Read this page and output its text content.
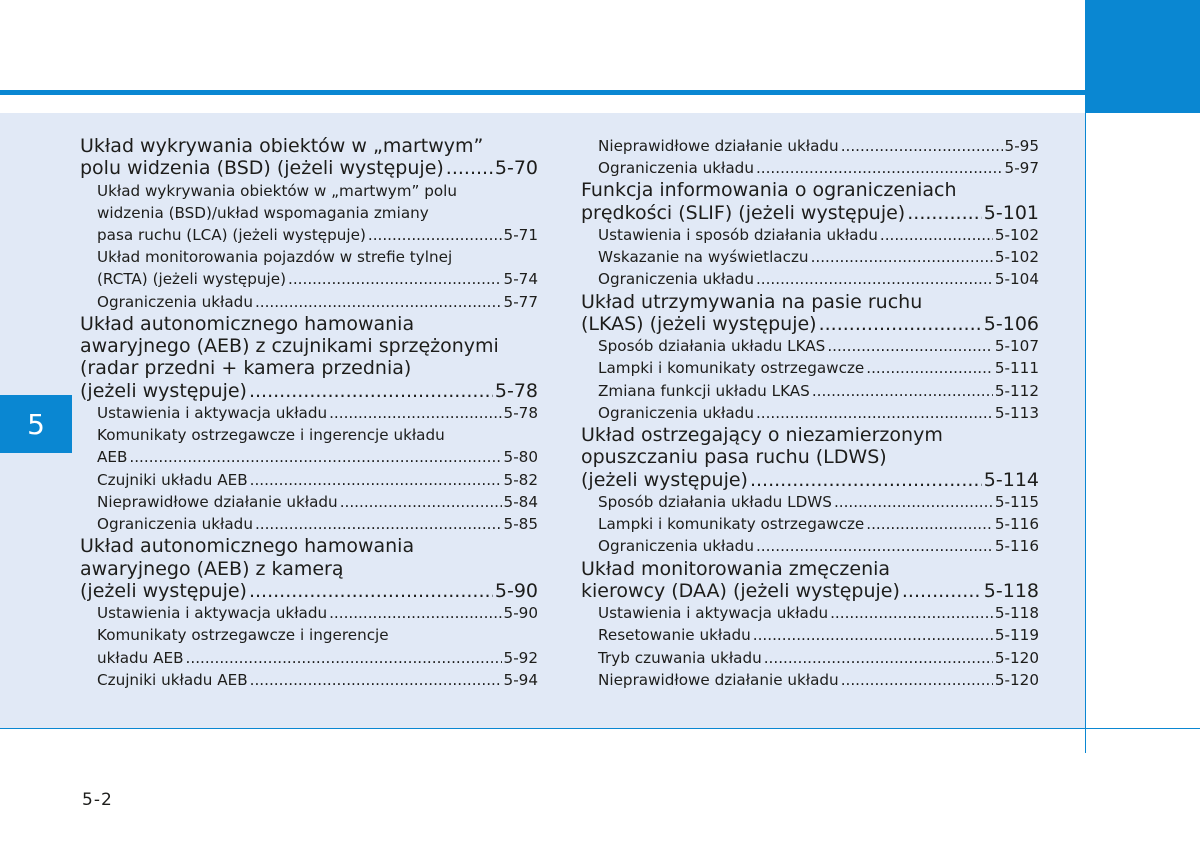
5
Układ wykrywania obiektów w „martwym”
polu widzenia (BSD) (jeżeli występuje) .....	5-70
Układ wykrywania obiektów w „martwym” polu
widzenia (BSD)/układ wspomagania zmiany
pasa ruchu (LCA) (jeżeli występuje) .....	5-71
Układ monitorowania pojazdów w strefie tylnej
(RCTA) (jeżeli występuje) .....	5-74
Ograniczenia układu .....	5-77
Układ autonomicznego hamowania
awaryjnego (AEB) z czujnikami sprzężonymi
(radar przedni + kamera przednia)
(jeżeli występuje) .....	5-78
Ustawienia i aktywacja układu .....	5-78
Komunikaty ostrzegawcze i ingerencje układu
AEB .....	5-80
Czujniki układu AEB .....	5-82
Nieprawidłowe działanie układu .....	5-84
Ograniczenia układu .....	5-85
Układ autonomicznego hamowania
awaryjnego (AEB) z kamerą
(jeżeli występuje) .....	5-90
Ustawienia i aktywacja układu .....	5-90
Komunikaty ostrzegawcze i ingerencje
układu AEB .....	5-92
Czujniki układu AEB .....	5-94
Nieprawidłowe działanie układu .....	5-95
Ograniczenia układu .....	5-97
Funkcja informowania o ograniczeniach
prędkości (SLIF) (jeżeli występuje) .....	5-101
Ustawienia i sposób działania układu .....	5-102
Wskazanie na wyświetlaczu .....	5-102
Ograniczenia układu .....	5-104
Układ utrzymywania na pasie ruchu
(LKAS) (jeżeli występuje) .....	5-106
Sposób działania układu LKAS .....	5-107
Lampki i komunikaty ostrzegawcze .....	5-111
Zmiana funkcji układu LKAS .....	5-112
Ograniczenia układu .....	5-113
Układ ostrzegający o niezamierzonym
opuszczaniu pasa ruchu (LDWS)
(jeżeli występuje) .....	5-114
Sposób działania układu LDWS .....	5-115
Lampki i komunikaty ostrzegawcze .....	5-116
Ograniczenia układu .....	5-116
Układ monitorowania zmęczenia
kierowcy (DAA) (jeżeli występuje) .....	5-118
Ustawienia i aktywacja układu .....	5-118
Resetowanie układu .....	5-119
Tryb czuwania układu .....	5-120
Nieprawidłowe działanie układu .....	5-120
5-2
